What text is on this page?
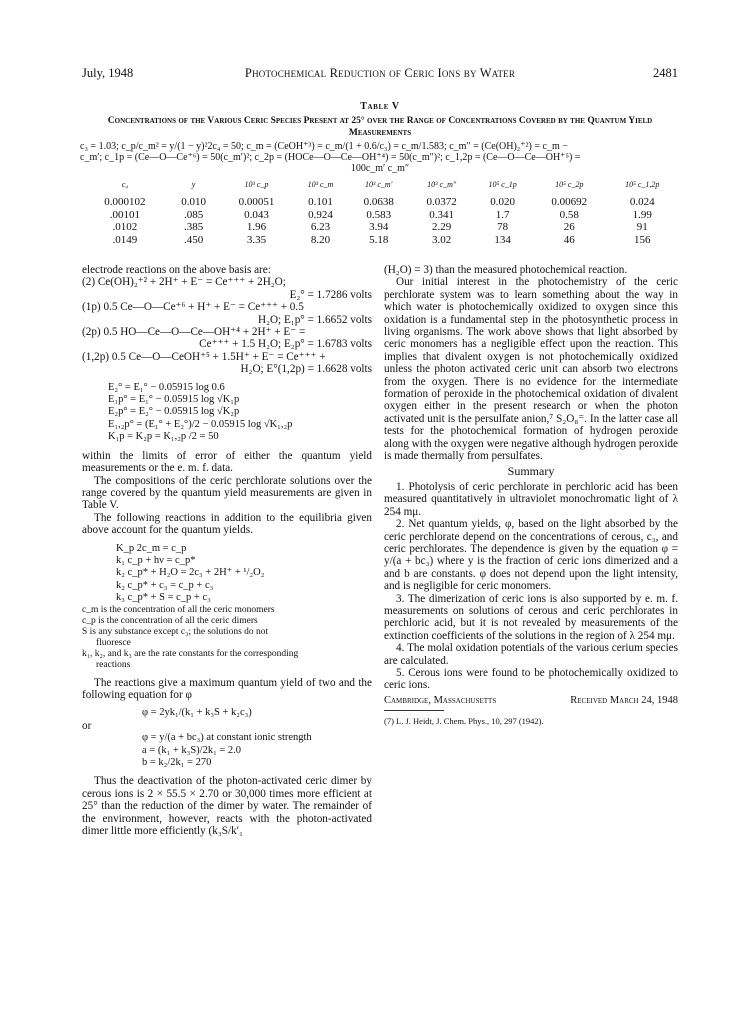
July, 1948	Photochemical Reduction of Ceric Ions by Water	2481
Table V
Concentrations of the Various Ceric Species Present at 25° over the Range of Concentrations Covered by the Quantum Yield Measurements
c₃ = 1.03; c_p/c_m² = y/(1 − y)²2c₄ = 50; c_m = (CeOH⁺³) = c_m/(1 + 0.6/c₃) = c_m/1.583; c_m″ = (Ce(OH)₂⁺²) = c_m −
c_m′; c_1p = (Ce—O—Ce⁺⁶) = 50(c_m′)²; c_2p = (HOCe—O—Ce—OH⁺⁴) = 50(c_m″)²; c_1,2p = (Ce—O—Ce—OH⁺⁵) =
100c_m′ c_m″
c₄	y	10³ c_p	10³ c_m	10³ c_m′	10³ c_m″	10⁵ c_1p	10⁵ c_2p	10⁵ c_1,2p
0.000102	0.010	0.00051	0.101	0.0638	0.0372	0.020	0.00692	0.024
.00101	.085	0.043	0.924	0.583	0.341	1.7	0.58	1.99
.0102	.385	1.96	6.23	3.94	2.29	78	26	91
.0149	.450	3.35	8.20	5.18	3.02	134	46	156

electrode reactions on the above basis are:

(2) Ce(OH)₂⁺² + 2H⁺ + E⁻ = Ce⁺⁺⁺ + 2H₂O;
E₂° = 1.7286 volts

(1p) 0.5 Ce—O—Ce⁺⁶ + H⁺ + E⁻ = Ce⁺⁺⁺ + 0.5
H₂O; E₁p° = 1.6652 volts

(2p) 0.5 HO—Ce—O—Ce—OH⁺⁴ + 2H⁺ + E⁻ =
Ce⁺⁺⁺ + 1.5 H₂O; E₂p° = 1.6783 volts

(1,2p) 0.5 Ce—O—CeOH⁺⁵ + 1.5H⁺ + E⁻ = Ce⁺⁺⁺ +
H₂O; E°(1,2p) = 1.6628 volts

E₂° = E₁° − 0.05915 log 0.6
E₁p° = E₁° − 0.05915 log √K₁p
E₂p° = E₂° − 0.05915 log √K₂p
E₁,₂p° = (E₁° + E₂°)/2 − 0.05915 log √K₁,₂p
K₁p = K₂p = K₁,₂p /2 = 50

within the limits of error of either the quantum yield measurements or the e. m. f. data.

The compositions of the ceric perchlorate solutions over the range covered by the quantum yield measurements are given in Table V.

The following reactions in addition to the equilibria given above account for the quantum yields.

K_p 2c_m = c_p
k₁ c_p + hν = c_p*
k₂ c_p* + H₂O = 2c₃ + 2H⁺ + ¹/₂O₂
k₂ c_p* + c₃ = c_p + c₃
k₃ c_p* + S = c_p + c₃
c_m is the concentration of all the ceric monomers
c_p is the concentration of all the ceric dimers
S is any substance except c₃; the solutions do not
fluoresce
k₁, k₂, and k₃ are the rate constants for the corresponding
reactions

The reactions give a maximum quantum yield of two and the following equation for φ

φ = 2yk₁/(k₁ + k₃S + k₂c₃)
or
φ = y/(a + bc₃) at constant ionic strength
a = (k₁ + k₃S)/2k₁ = 2.0
b = k₂/2k₁ = 270

Thus the deactivation of the photon-activated ceric dimer by cerous ions is 2 × 55.5 × 2.70 or 30,000 times more efficient at 25° than the reduction of the dimer by water. The remainder of the environment, however, reacts with the photon-activated dimer little more efficiently (k₃S/k′₁

(H₂O) = 3) than the measured photochemical reaction.

Our initial interest in the photochemistry of the ceric perchlorate system was to learn something about the way in which water is photochemically oxidized to oxygen since this oxidation is a fundamental step in the photosynthetic process in living organisms. The work above shows that light absorbed by ceric monomers has a negligible effect upon the reaction. This implies that divalent oxygen is not photochemically oxidized unless the photon activated ceric unit can absorb two electrons from the oxygen. There is no evidence for the intermediate formation of peroxide in the photochemical oxidation of divalent oxygen either in the present research or when the photon activated unit is the persulfate anion,⁷ S₂O₈⁼. In the latter case all tests for the photochemical formation of hydrogen peroxide along with the oxygen were negative although hydrogen peroxide is made thermally from persulfates.

Summary

1. Photolysis of ceric perchlorate in perchloric acid has been measured quantitatively in ultraviolet monochromatic light of λ 254 mμ.

2. Net quantum yields, φ, based on the light absorbed by the ceric perchlorate depend on the concentrations of cerous, c₃, and ceric perchlorates. The dependence is given by the equation φ = y/(a + bc₃) where y is the fraction of ceric ions dimerized and a and b are constants. φ does not depend upon the light intensity, and is negligible for ceric monomers.

3. The dimerization of ceric ions is also supported by e. m. f. measurements on solutions of cerous and ceric perchlorates in perchloric acid, but it is not revealed by measurements of the extinction coefficients of the solutions in the region of λ 254 mμ.

4. The molal oxidation potentials of the various cerium species are calculated.

5. Cerous ions were found to be photochemically oxidized to ceric ions.

Cambridge, Massachusetts	Received March 24, 1948
(7) L. J. Heidt, J. Chem. Phys., 10, 297 (1942).
